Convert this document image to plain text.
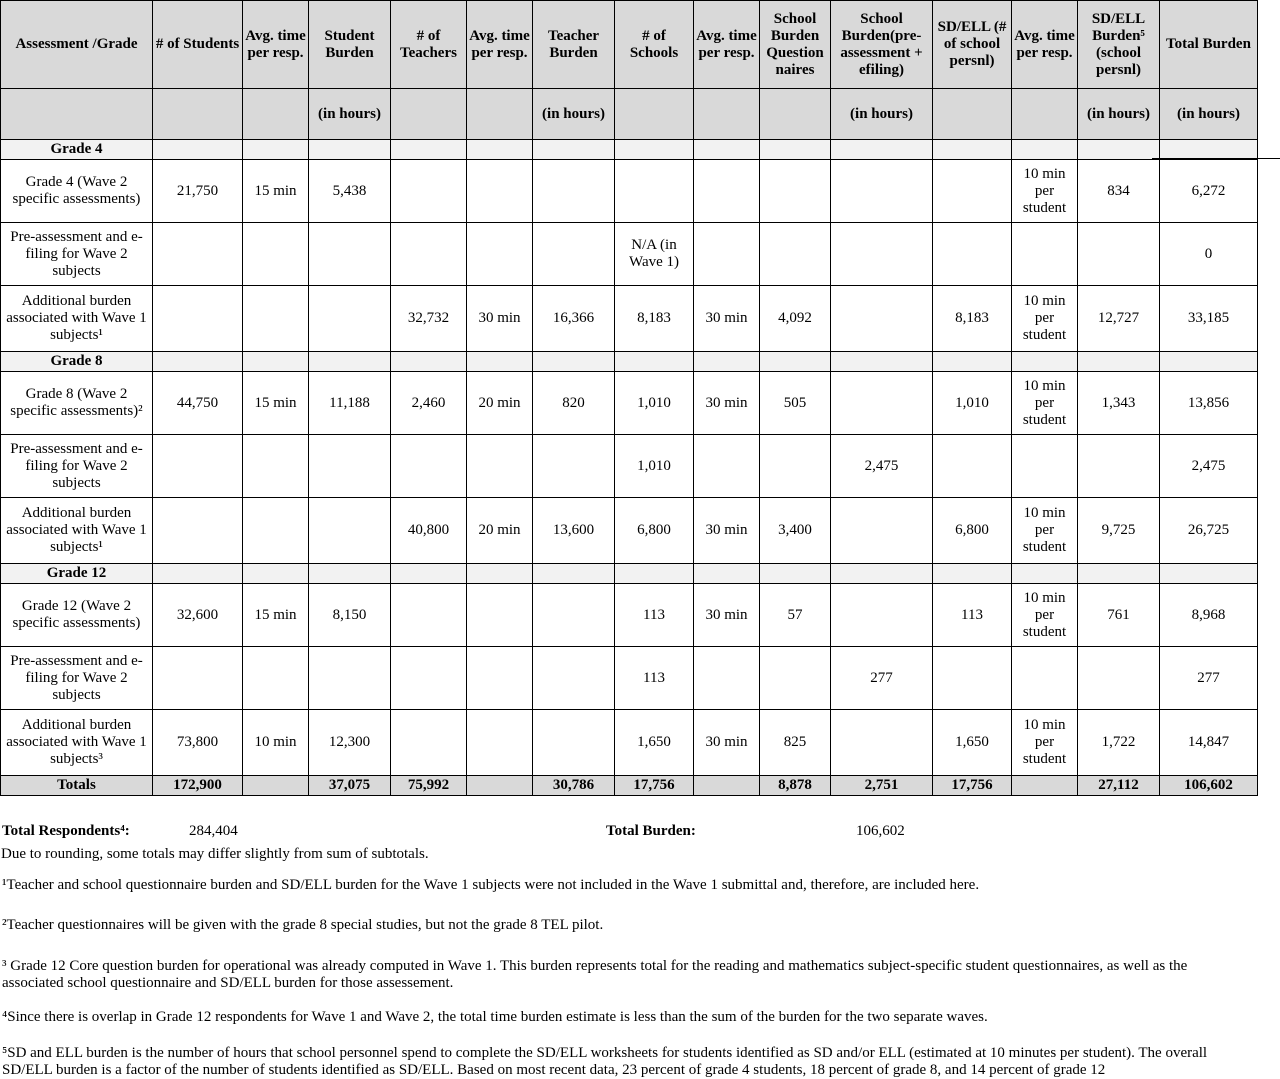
Assessment /Grade	# of Students	Avg. time per resp.	Student Burden	# of Teachers	Avg. time per resp.	Teacher Burden	# of Schools	Avg. time per resp.	School Burden Question naires	School Burden(pre-assessment + efiling)	SD/ELL (# of school persnl)	Avg. time per resp.	SD/ELL Burden⁵ (school persnl)	Total Burden
			(in hours)			(in hours)				(in hours)			(in hours)	(in hours)
Grade 4														
Grade 4 (Wave 2 specific assessments)	21,750	15 min	5,438									10 min per student	834	6,272
Pre-assessment and e-filing for Wave 2 subjects							N/A (in Wave 1)							0
Additional burden associated with Wave 1 subjects¹				32,732	30 min	16,366	8,183	30 min	4,092		8,183	10 min per student	12,727	33,185
Grade 8														
Grade 8 (Wave 2 specific assessments)²	44,750	15 min	11,188	2,460	20 min	820	1,010	30 min	505		1,010	10 min per student	1,343	13,856
Pre-assessment and e-filing for Wave 2 subjects							1,010			2,475				2,475
Additional burden associated with Wave 1 subjects¹				40,800	20 min	13,600	6,800	30 min	3,400		6,800	10 min per student	9,725	26,725
Grade 12														
Grade 12 (Wave 2 specific assessments)	32,600	15 min	8,150				113	30 min	57		113	10 min per student	761	8,968
Pre-assessment and e-filing for Wave 2 subjects							113			277				277
Additional burden associated with Wave 1 subjects³	73,800	10 min	12,300				1,650	30 min	825		1,650	10 min per student	1,722	14,847
Totals	172,900		37,075	75,992		30,786	17,756		8,878	2,751	17,756		27,112	106,602
Total Respondents⁴:	284,404	Total Burden:	106,602
Due to rounding, some totals may differ slightly from sum of subtotals.
¹Teacher and school questionnaire burden and SD/ELL burden for the Wave 1 subjects were not included in the Wave 1 submittal and, therefore, are included here.
²Teacher questionnaires will be given with the grade 8 special studies, but not the grade 8 TEL pilot.
³ Grade 12 Core question burden for operational was already computed in Wave 1. This burden represents total for the reading and mathematics subject-specific student questionnaires, as well as the associated school questionnaire and SD/ELL burden for those assessement.
⁴Since there is overlap in Grade 12 respondents for Wave 1 and Wave 2, the total time burden estimate is less than the sum of the burden for the two separate waves.
⁵SD and ELL burden is the number of hours that school personnel spend to complete the SD/ELL worksheets for students identified as SD and/or ELL (estimated at 10 minutes per student). The overall SD/ELL burden is a factor of the number of students identified as SD/ELL. Based on most recent data, 23 percent of grade 4 students, 18 percent of grade 8, and 14 percent of grade 12
